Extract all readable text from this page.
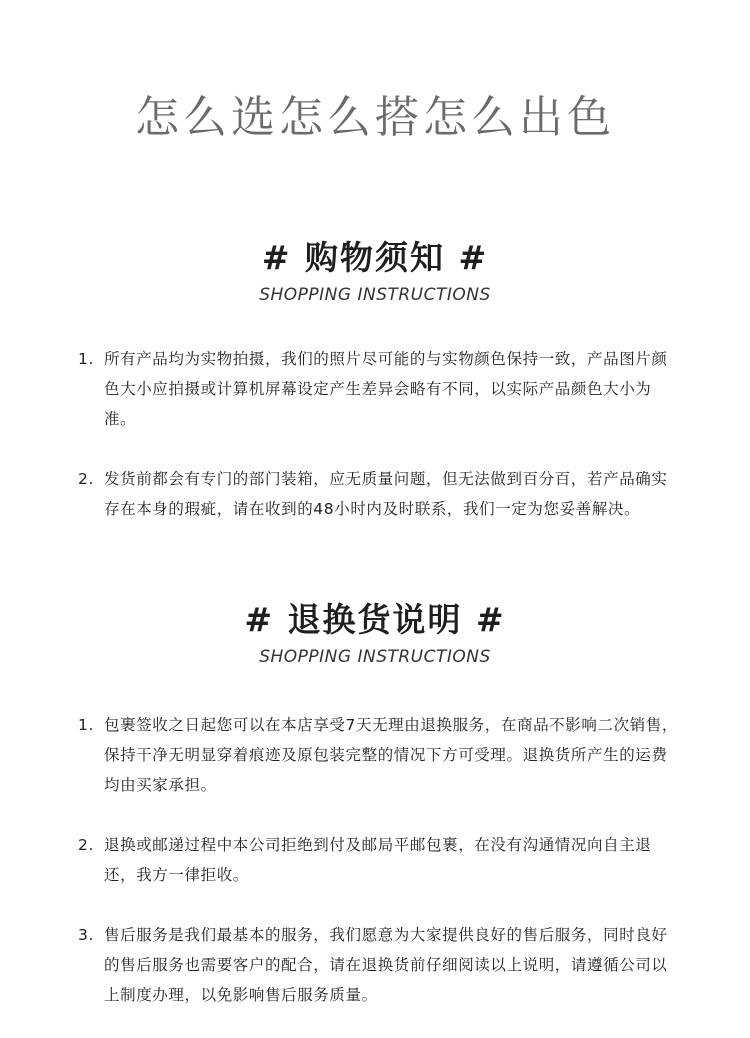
怎么选怎么搭怎么出色
# 购物须知 #
SHOPPING INSTRUCTIONS
1. 所有产品均为实物拍摄，我们的照片尽可能的与实物颜色保持一致，产品图片颜色大小应拍摄或计算机屏幕设定产生差异会略有不同，以实际产品颜色大小为准。
2. 发货前都会有专门的部门装箱，应无质量问题，但无法做到百分百，若产品确实存在本身的瑕疵，请在收到的48小时内及时联系，我们一定为您妥善解决。
# 退换货说明 #
SHOPPING INSTRUCTIONS
1. 包裹签收之日起您可以在本店享受7天无理由退换服务，在商品不影响二次销售，保持干净无明显穿着痕迹及原包装完整的情况下方可受理。退换货所产生的运费均由买家承担。
2. 退换或邮递过程中本公司拒绝到付及邮局平邮包裹，在没有沟通情况向自主退还，我方一律拒收。
3. 售后服务是我们最基本的服务，我们愿意为大家提供良好的售后服务，同时良好的售后服务也需要客户的配合，请在退换货前仔细阅读以上说明，请遵循公司以上制度办理，以免影响售后服务质量。
